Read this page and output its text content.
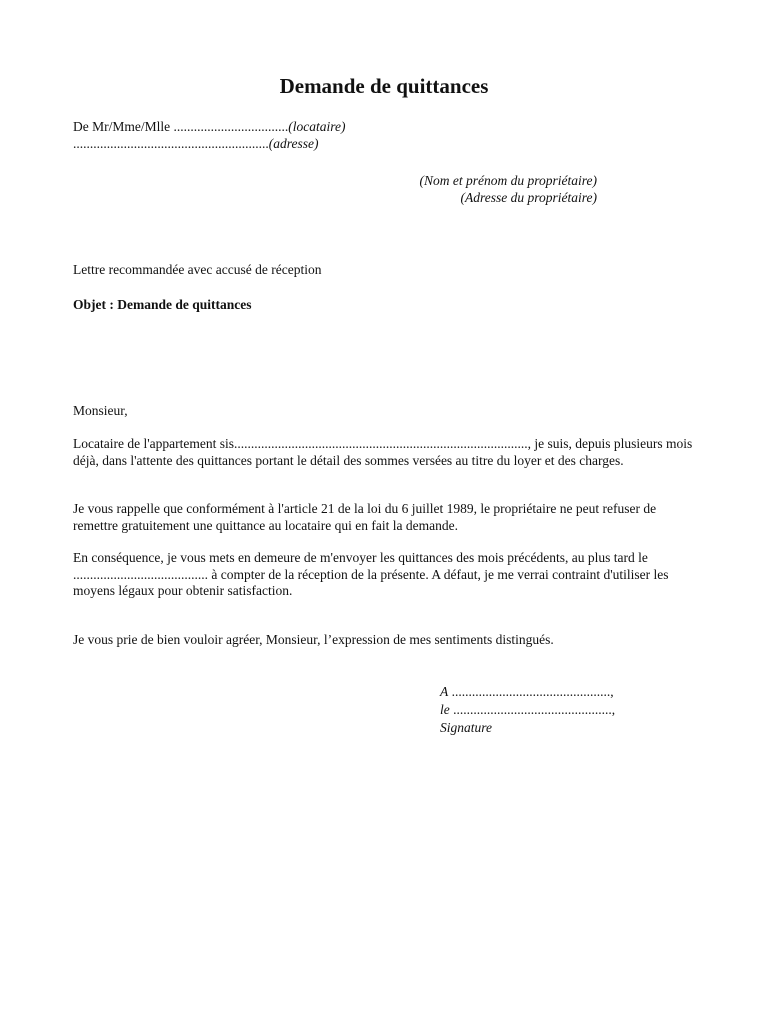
Demande de quittances
De Mr/Mme/Mlle ..................................(locataire)
..........................................................(adresse)
(Nom et prénom du propriétaire)
(Adresse du propriétaire)
Lettre recommandée avec accusé de réception
Objet : Demande de quittances
Monsieur,

Locataire de l'appartement sis......................................................................................., je suis, depuis plusieurs mois déjà, dans l'attente des quittances portant le détail des sommes versées au titre du loyer et des charges.

Je vous rappelle que conformément à l'article 21 de la loi du 6 juillet 1989, le propriétaire ne peut refuser de remettre gratuitement une quittance au locataire qui en fait la demande.

En conséquence, je vous mets en demeure de m'envoyer les quittances des mois précédents, au plus tard le ........................................ à compter de la réception de la présente. A défaut, je me verrai contraint d'utiliser les moyens légaux pour obtenir satisfaction.

Je vous prie de bien vouloir agréer, Monsieur, l’expression de mes sentiments distingués.

A ...............................................,
le ...............................................,
Signature
